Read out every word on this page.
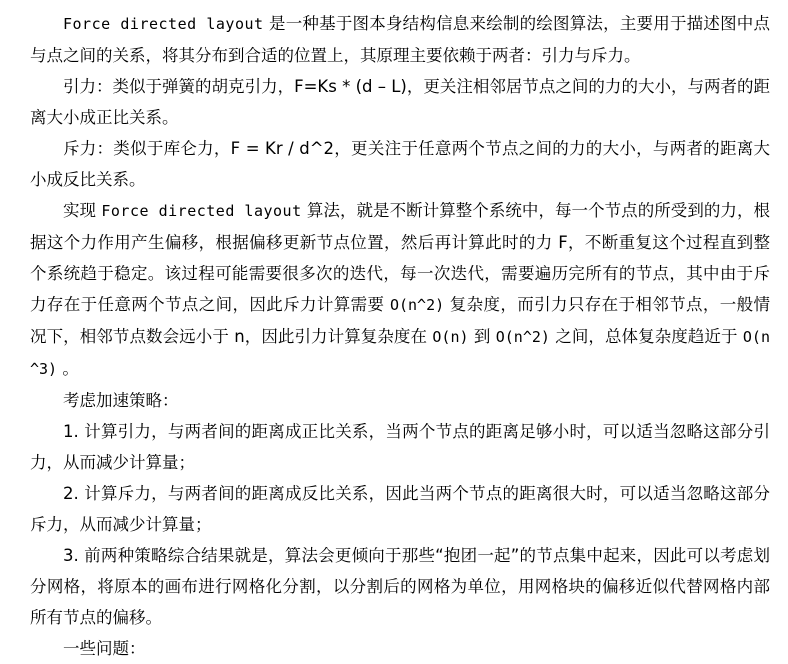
Force directed layout 是一种基于图本身结构信息来绘制的绘图算法，主要用于描述图中点与点之间的关系，将其分布到合适的位置上，其原理主要依赖于两者：引力与斥力。

引力：类似于弹簧的胡克引力，F=Ks * (d – L)，更关注相邻居节点之间的力的大小，与两者的距离大小成正比关系。

斥力：类似于库仑力，F = Kr / d^2，更关注于任意两个节点之间的力的大小，与两者的距离大小成反比关系。

实现 Force directed layout 算法，就是不断计算整个系统中，每一个节点的所受到的力，根据这个力作用产生偏移，根据偏移更新节点位置，然后再计算此时的力 F，不断重复这个过程直到整个系统趋于稳定。该过程可能需要很多次的迭代，每一次迭代，需要遍历完所有的节点，其中由于斥力存在于任意两个节点之间，因此斥力计算需要 O(n^2) 复杂度，而引力只存在于相邻节点，一般情况下，相邻节点数会远小于 n，因此引力计算复杂度在 O(n) 到 O(n^2) 之间，总体复杂度趋近于 O(n^3) 。

考虑加速策略：

1. 计算引力，与两者间的距离成正比关系，当两个节点的距离足够小时，可以适当忽略这部分引力，从而减少计算量；

2. 计算斥力，与两者间的距离成反比关系，因此当两个节点的距离很大时，可以适当忽略这部分斥力，从而减少计算量；

3. 前两种策略综合结果就是，算法会更倾向于那些“抱团一起”的节点集中起来，因此可以考虑划分网格，将原本的画布进行网格化分割，以分割后的网格为单位，用网格块的偏移近似代替网格内部所有节点的偏移。

一些问题：
